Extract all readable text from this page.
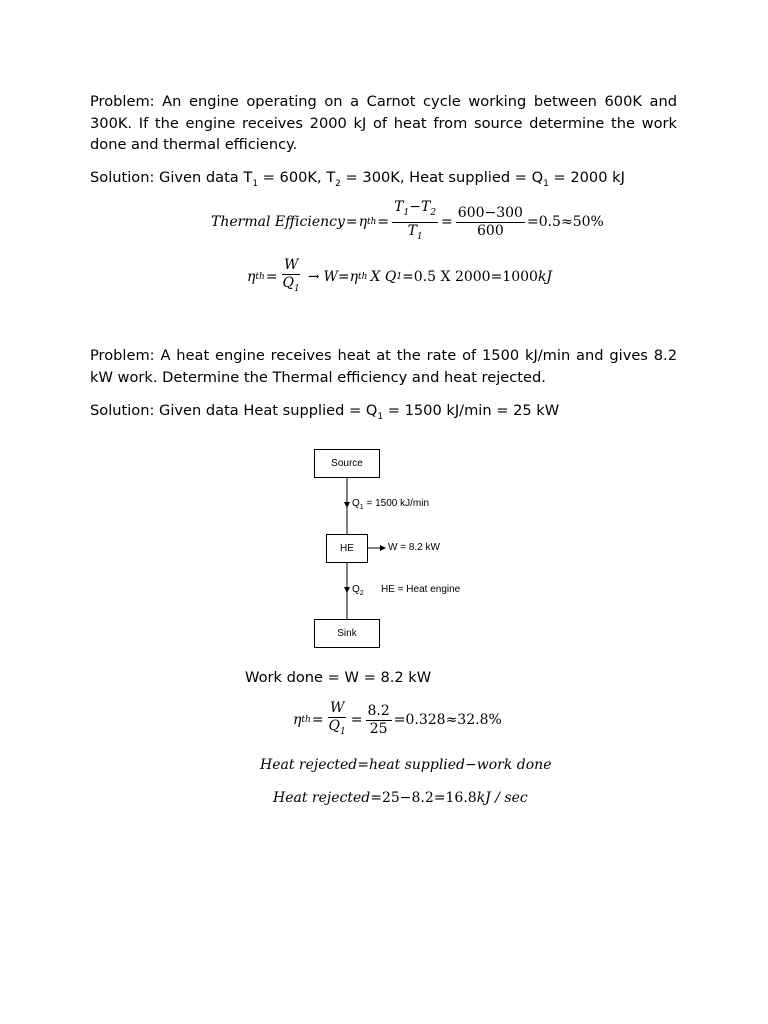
Problem: An engine operating on a Carnot cycle working between 600K and 300K. If the engine receives 2000 kJ of heat from source determine the work done and thermal efficiency.

Solution: Given data $T_1 = 600K$, $T_2 = 300K$, Heat supplied = $Q_1 = 2000$ kJ

Thermal Efficiency = η th = $\frac{T_1-T_2}{T_1} = \frac{600-300}{600} =0.5\approx 50\%$
η th = $\frac{W}{Q_1} \to W=\eta$ th X Q 1 =0.5 X 2000=1000 kJ

Problem: A heat engine receives heat at the rate of 1500 kJ/min and gives 8.2 kW work. Determine the Thermal efficiency and heat rejected.

Solution: Given data Heat supplied = $Q_1 = 1500$ kJ/min = 25 kW

Source
HE
Sink
$Q_1 = 1500$ kJ/min
W = 8.2 kW
$Q_2$ HE = Heat engine
Work done = W = 8.2 kW
η th = $\frac{W}{Q_1} = \frac{8.2}{25} =0.328\approx 32.8\%$
Heat rejected=heat supplied−work done
Heat rejected =25−8.2=16.8 kJ / sec
